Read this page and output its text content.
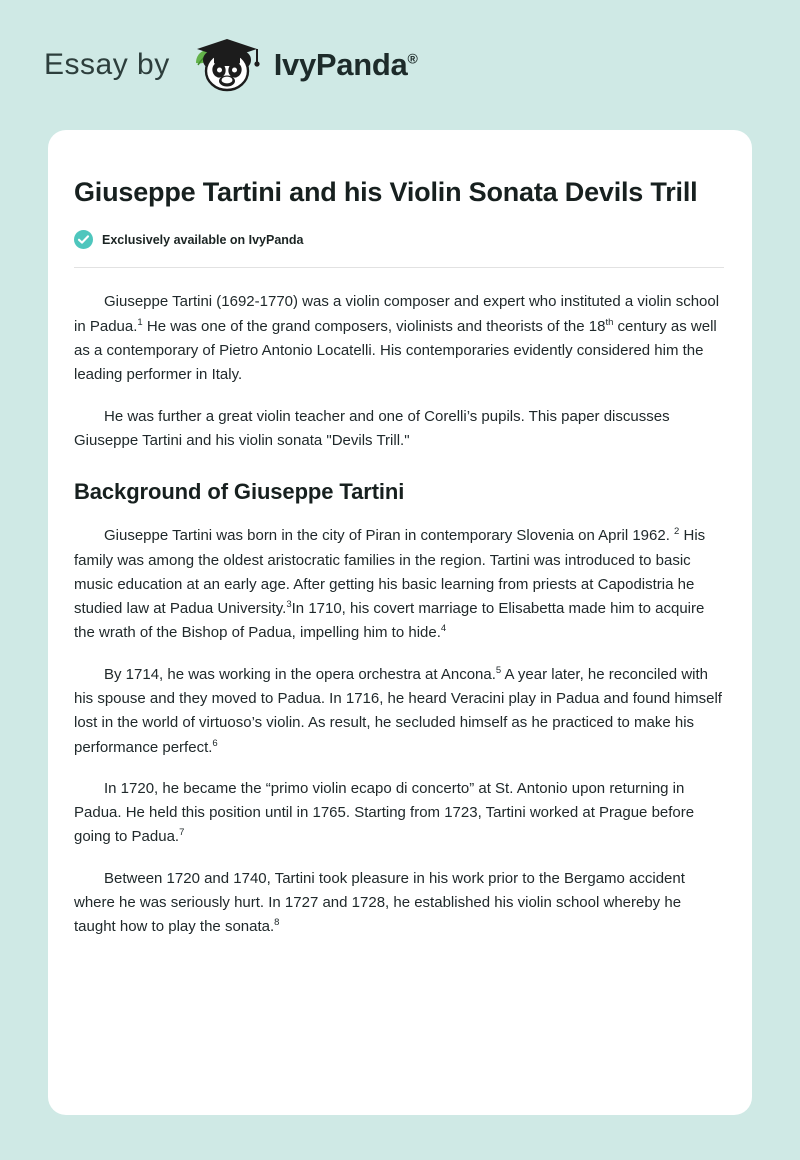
Essay by	IvyPanda®
Giuseppe Tartini and his Violin Sonata Devils Trill
Exclusively available on IvyPanda

Giuseppe Tartini (1692-1770) was a violin composer and expert who instituted a violin school in Padua.$^1$ He was one of the grand composers, violinists and theorists of the 18th century as well as a contemporary of Pietro Antonio Locatelli. His contemporaries evidently considered him the leading performer in Italy.

He was further a great violin teacher and one of Corelli’s pupils. This paper discusses Giuseppe Tartini and his violin sonata "Devils Trill."

Background of Giuseppe Tartini

Giuseppe Tartini was born in the city of Piran in contemporary Slovenia on April 1962. $^2$ His family was among the oldest aristocratic families in the region. Tartini was introduced to basic music education at an early age. After getting his basic learning from priests at Capodistria he studied law at Padua University.$^3$In 1710, his covert marriage to Elisabetta made him to acquire the wrath of the Bishop of Padua, impelling him to hide.$^4$

By 1714, he was working in the opera orchestra at Ancona.$^5$ A year later, he reconciled with his spouse and they moved to Padua. In 1716, he heard Veracini play in Padua and found himself lost in the world of virtuoso’s violin. As result, he secluded himself as he practiced to make his performance perfect.$^6$

In 1720, he became the “primo violin ecapo di concerto” at St. Antonio upon returning in Padua. He held this position until in 1765. Starting from 1723, Tartini worked at Prague before going to Padua.$^7$

Between 1720 and 1740, Tartini took pleasure in his work prior to the Bergamo accident where he was seriously hurt. In 1727 and 1728, he established his violin school whereby he taught how to play the sonata.$^8$
